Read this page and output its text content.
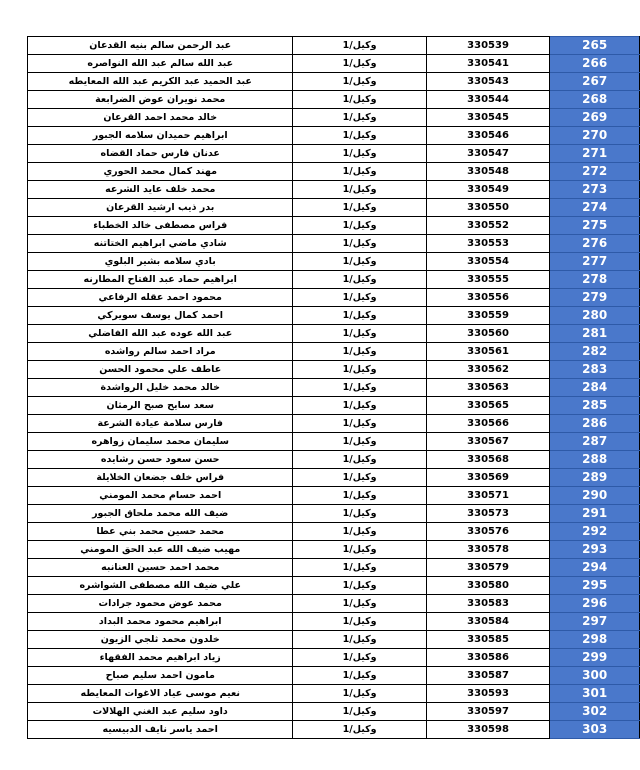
عبد الرحمن سالم بنيه القدعان	وكيل/1	330539	265
عبد الله سالم عبد الله النواصره	وكيل/1	330541	266
عبد الحميد عبد الكريم عبد الله المعايطه	وكيل/1	330543	267
محمد نويران عوض الضرابعة	وكيل/1	330544	268
خالد محمد احمد القرعان	وكيل/1	330545	269
ابراهيم حميدان سلامه الجبور	وكيل/1	330546	270
عدنان فارس حماد القضاه	وكيل/1	330547	271
مهند كمال محمد الحوري	وكيل/1	330548	272
محمد خلف عايد الشرعه	وكيل/1	330549	273
بدر ذيب ارشيد القرعان	وكيل/1	330550	274
فراس مصطفى خالد الخطباء	وكيل/1	330552	275
شادي ماضي ابراهيم الختاتنه	وكيل/1	330553	276
بادي سلامه بشير البلوي	وكيل/1	330554	277
ابراهيم حماد عبد الفتاح المطارنه	وكيل/1	330555	278
محمود احمد عقله الرفاعي	وكيل/1	330556	279
احمد كمال يوسف سويركي	وكيل/1	330559	280
عبد الله عوده عبد الله الفاضلي	وكيل/1	330560	281
مراد احمد سالم رواشده	وكيل/1	330561	282
عاطف علي محمود الحسن	وكيل/1	330562	283
خالد محمد خليل الرواشدة	وكيل/1	330563	284
سعد سايح صبح الرمثان	وكيل/1	330565	285
فارس سلامة عيادة الشرعة	وكيل/1	330566	286
سليمان محمد سليمان زواهره	وكيل/1	330567	287
حسن سعود حسن رشايده	وكيل/1	330568	288
فراس خلف جضعان الخلايلة	وكيل/1	330569	289
احمد حسام محمد المومني	وكيل/1	330571	290
ضيف الله محمد ملحاق الجبور	وكيل/1	330573	291
محمد حسين محمد بني عطا	وكيل/1	330576	292
مهيب ضيف الله عبد الحق المومني	وكيل/1	330578	293
محمد احمد حسين العنانبه	وكيل/1	330579	294
علي ضيف الله مصطفى الشواشره	وكيل/1	330580	295
محمد عوض محمود جرادات	وكيل/1	330583	296
ابراهيم محمود محمد البداد	وكيل/1	330584	297
خلدون محمد ثلجي الزيون	وكيل/1	330585	298
زياد ابراهيم محمد الفقهاء	وكيل/1	330586	299
مامون احمد سليم صباح	وكيل/1	330587	300
نعيم موسى عياد الاغوات المعايطه	وكيل/1	330593	301
داود سليم عبد الغني الهلالات	وكيل/1	330597	302
احمد ياسر نايف الدبيسيه	وكيل/1	330598	303
